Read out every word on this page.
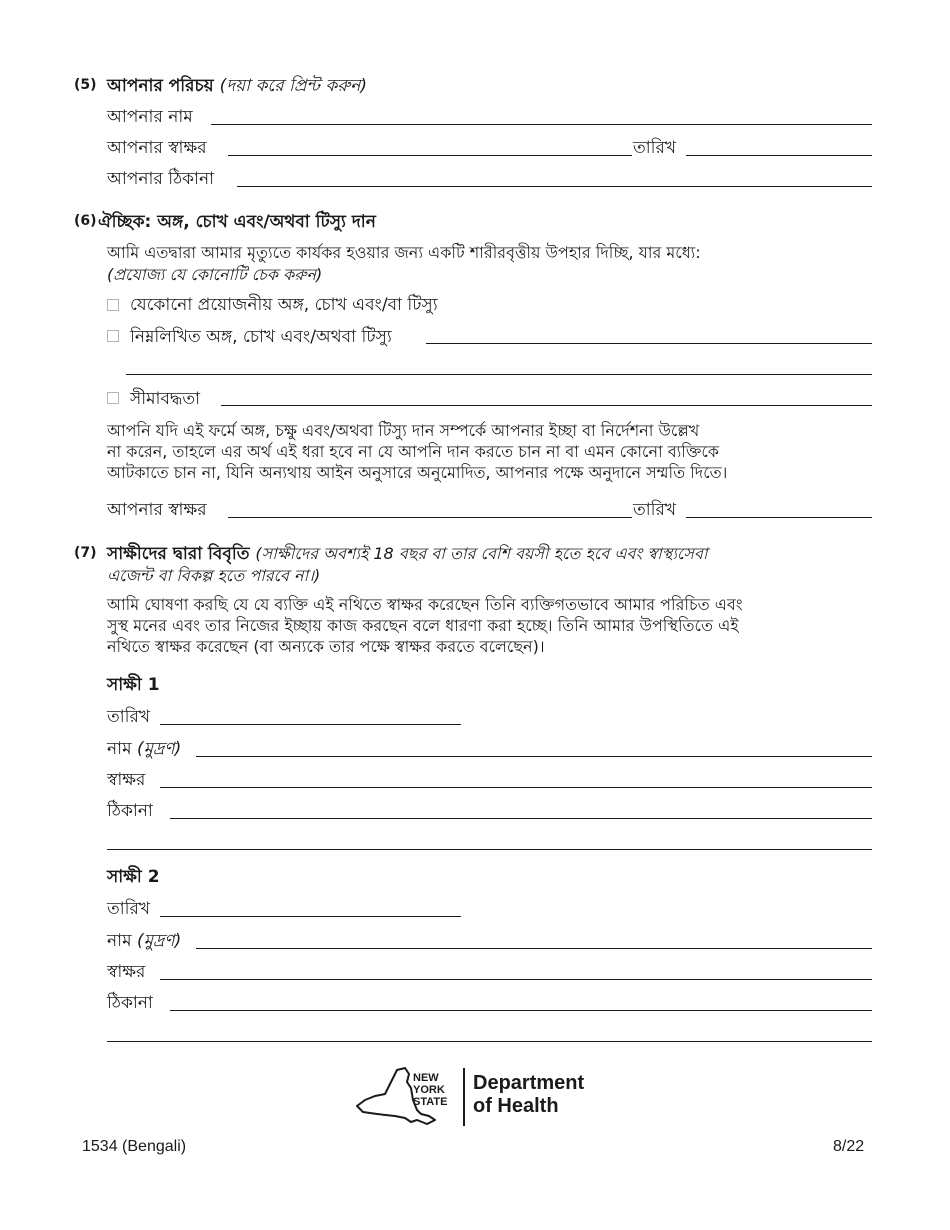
(5) আপনার পরিচয় (দয়া করে প্রিন্ট করুন)
আপনার নাম
আপনার স্বাক্ষর	তারিখ
আপনার ঠিকানা
(6) ঐচ্ছিক: অঙ্গ, চোখ এবং/অথবা টিস্যু দান
আমি এতদ্বারা আমার মৃত্যুতে কার্যকর হওয়ার জন্য একটি শারীরবৃত্তীয় উপহার দিচ্ছি, যার মধ্যে:
(প্রযোজ্য যে কোনোটি চেক করুন)
যেকোনো প্রয়োজনীয় অঙ্গ, চোখ এবং/বা টিস্যু
নিম্নলিখিত অঙ্গ, চোখ এবং/অথবা টিস্যু
সীমাবদ্ধতা
আপনি যদি এই ফর্মে অঙ্গ, চক্ষু এবং/অথবা টিস্যু দান সম্পর্কে আপনার ইচ্ছা বা নির্দেশনা উল্লেখ
না করেন, তাহলে এর অর্থ এই ধরা হবে না যে আপনি দান করতে চান না বা এমন কোনো ব্যক্তিকে
আটকাতে চান না, যিনি অন্যথায় আইন অনুসারে অনুমোদিত, আপনার পক্ষে অনুদানে সম্মতি দিতে।
আপনার স্বাক্ষর	তারিখ
(7) সাক্ষীদের দ্বারা বিবৃতি (সাক্ষীদের অবশ্যই 18 বছর বা তার বেশি বয়সী হতে হবে এবং স্বাস্থ্যসেবা
এজেন্ট বা বিকল্প হতে পারবে না।)
আমি ঘোষণা করছি যে যে ব্যক্তি এই নথিতে স্বাক্ষর করেছেন তিনি ব্যক্তিগতভাবে আমার পরিচিত এবং
সুস্থ মনের এবং তার নিজের ইচ্ছায় কাজ করছেন বলে ধারণা করা হচ্ছে। তিনি আমার উপস্থিতিতে এই
নথিতে স্বাক্ষর করেছেন (বা অন্যকে তার পক্ষে স্বাক্ষর করতে বলেছেন)।
সাক্ষী 1
তারিখ
নাম (মুদ্রণ)
স্বাক্ষর
ঠিকানা
সাক্ষী 2
তারিখ
নাম (মুদ্রণ)
স্বাক্ষর
ঠিকানা
NEW
YORK
STATE
Department
of Health
1534 (Bengali)	8/22
